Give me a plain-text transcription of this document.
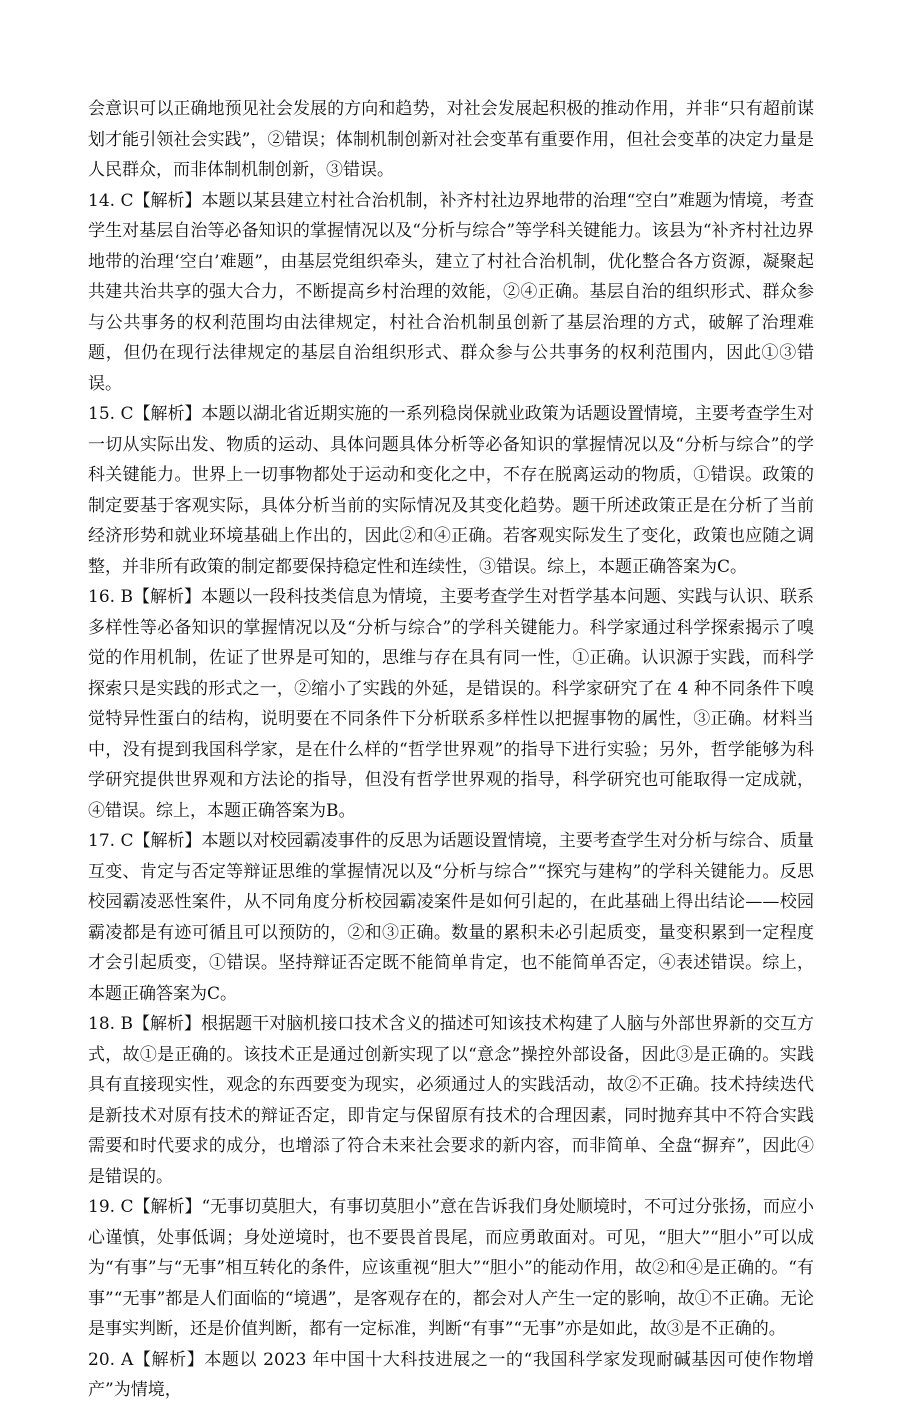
会意识可以正确地预见社会发展的方向和趋势，对社会发展起积极的推动作用，并非“只有超前谋划才能引领社会实践”，②错误；体制机制创新对社会变革有重要作用，但社会变革的决定力量是人民群众，而非体制机制创新，③错误。

14. C【解析】本题以某县建立村社合治机制，补齐村社边界地带的治理“空白”难题为情境，考查学生对基层自治等必备知识的掌握情况以及“分析与综合”等学科关键能力。该县为“补齐村社边界地带的治理‘空白’难题”，由基层党组织牵头，建立了村社合治机制，优化整合各方资源，凝聚起共建共治共享的强大合力，不断提高乡村治理的效能，②④正确。基层自治的组织形式、群众参与公共事务的权利范围均由法律规定，村社合治机制虽创新了基层治理的方式，破解了治理难题，但仍在现行法律规定的基层自治组织形式、群众参与公共事务的权利范围内，因此①③错误。

15. C【解析】本题以湖北省近期实施的一系列稳岗保就业政策为话题设置情境，主要考查学生对一切从实际出发、物质的运动、具体问题具体分析等必备知识的掌握情况以及“分析与综合”的学科关键能力。世界上一切事物都处于运动和变化之中，不存在脱离运动的物质，①错误。政策的制定要基于客观实际，具体分析当前的实际情况及其变化趋势。题干所述政策正是在分析了当前经济形势和就业环境基础上作出的，因此②和④正确。若客观实际发生了变化，政策也应随之调整，并非所有政策的制定都要保持稳定性和连续性，③错误。综上，本题正确答案为C。

16. B【解析】本题以一段科技类信息为情境，主要考查学生对哲学基本问题、实践与认识、联系多样性等必备知识的掌握情况以及“分析与综合”的学科关键能力。科学家通过科学探索揭示了嗅觉的作用机制，佐证了世界是可知的，思维与存在具有同一性，①正确。认识源于实践，而科学探索只是实践的形式之一，②缩小了实践的外延，是错误的。科学家研究了在 4 种不同条件下嗅觉特异性蛋白的结构，说明要在不同条件下分析联系多样性以把握事物的属性，③正确。材料当中，没有提到我国科学家，是在什么样的“哲学世界观”的指导下进行实验；另外，哲学能够为科学研究提供世界观和方法论的指导，但没有哲学世界观的指导，科学研究也可能取得一定成就，④错误。综上，本题正确答案为B。

17. C【解析】本题以对校园霸凌事件的反思为话题设置情境，主要考查学生对分析与综合、质量互变、肯定与否定等辩证思维的掌握情况以及“分析与综合”“探究与建构”的学科关键能力。反思校园霸凌恶性案件，从不同角度分析校园霸凌案件是如何引起的，在此基础上得出结论——校园霸凌都是有迹可循且可以预防的，②和③正确。数量的累积未必引起质变，量变积累到一定程度才会引起质变，①错误。坚持辩证否定既不能简单肯定，也不能简单否定，④表述错误。综上，本题正确答案为C。

18. B【解析】根据题干对脑机接口技术含义的描述可知该技术构建了人脑与外部世界新的交互方式，故①是正确的。该技术正是通过创新实现了以“意念”操控外部设备，因此③是正确的。实践具有直接现实性，观念的东西要变为现实，必须通过人的实践活动，故②不正确。技术持续迭代是新技术对原有技术的辩证否定，即肯定与保留原有技术的合理因素，同时抛弃其中不符合实践需要和时代要求的成分，也增添了符合未来社会要求的新内容，而非简单、全盘“摒弃”，因此④是错误的。

19. C【解析】“无事切莫胆大，有事切莫胆小”意在告诉我们身处顺境时，不可过分张扬，而应小心谨慎，处事低调；身处逆境时，也不要畏首畏尾，而应勇敢面对。可见，“胆大”“胆小”可以成为“有事”与“无事”相互转化的条件，应该重视“胆大”“胆小”的能动作用，故②和④是正确的。“有事”“无事”都是人们面临的“境遇”，是客观存在的，都会对人产生一定的影响，故①不正确。无论是事实判断，还是价值判断，都有一定标准，判断“有事”“无事”亦是如此，故③是不正确的。

20. A【解析】本题以 2023 年中国十大科技进展之一的“我国科学家发现耐碱基因可使作物增产”为情境，
